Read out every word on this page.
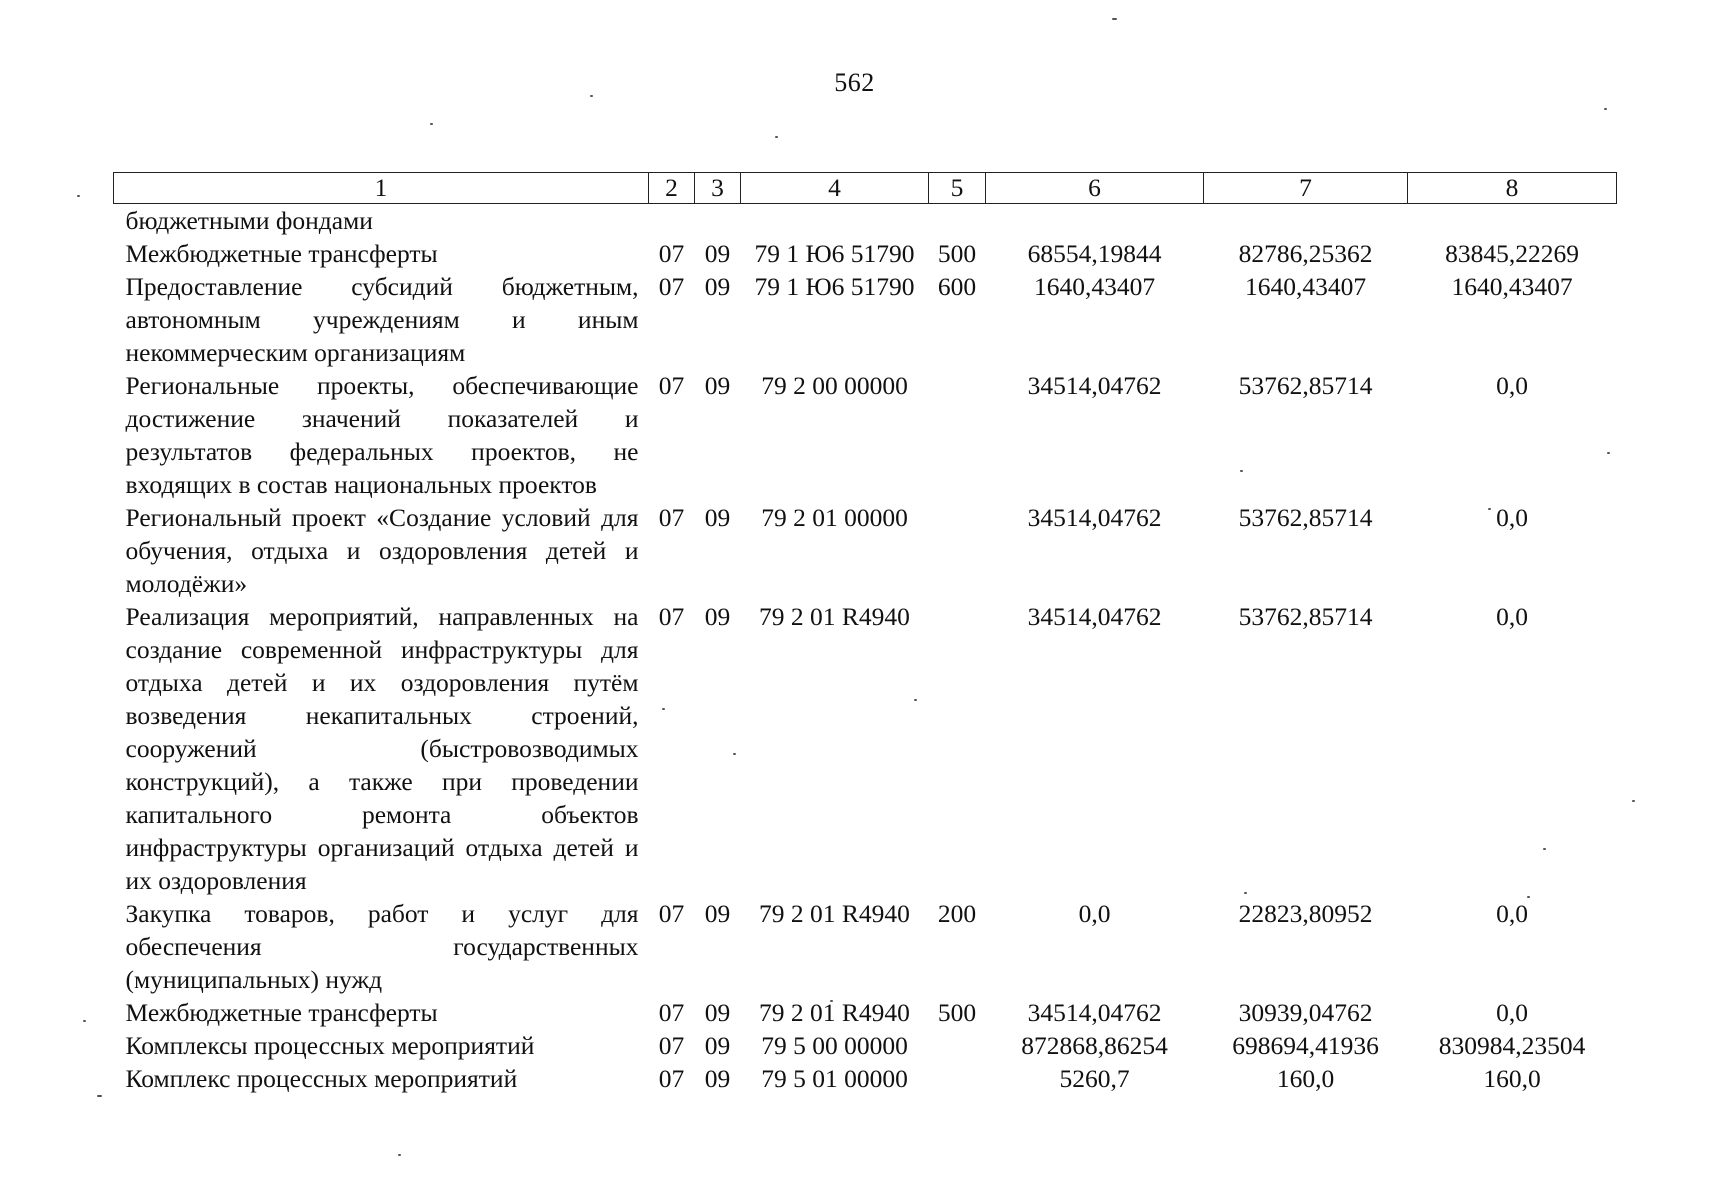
562
1	2	3	4	5	6	7	8
бюджетными фондами							
Межбюджетные трансферты	07	09	79 1 Ю6 51790	500	68554,19844	82786,25362	83845,22269
Предоставление субсидий бюджетным, автономным учреждениям и иным некоммерческим организациям	07	09	79 1 Ю6 51790	600	1640,43407	1640,43407	1640,43407
Региональные проекты, обеспечивающие достижение значений показателей и результатов федеральных проектов, не входящих в состав национальных проектов	07	09	79 2 00 00000		34514,04762	53762,85714	0,0
Региональный проект «Создание условий для обучения, отдыха и оздоровления детей и молодёжи»	07	09	79 2 01 00000		34514,04762	53762,85714	0,0
Реализация мероприятий, направленных на создание современной инфраструктуры для отдыха детей и их оздоровления путём возведения некапитальных строений, сооружений (быстровозводимых конструкций), а также при проведении капитального ремонта объектов инфраструктуры организаций отдыха детей и их оздоровления	07	09	79 2 01 R4940		34514,04762	53762,85714	0,0
Закупка товаров, работ и услуг для обеспечения государственных (муниципальных) нужд	07	09	79 2 01 R4940	200	0,0	22823,80952	0,0
Межбюджетные трансферты	07	09	79 2 01 R4940	500	34514,04762	30939,04762	0,0
Комплексы процессных мероприятий	07	09	79 5 00 00000		872868,86254	698694,41936	830984,23504
Комплекс процессных мероприятий	07	09	79 5 01 00000		5260,7	160,0	160,0
